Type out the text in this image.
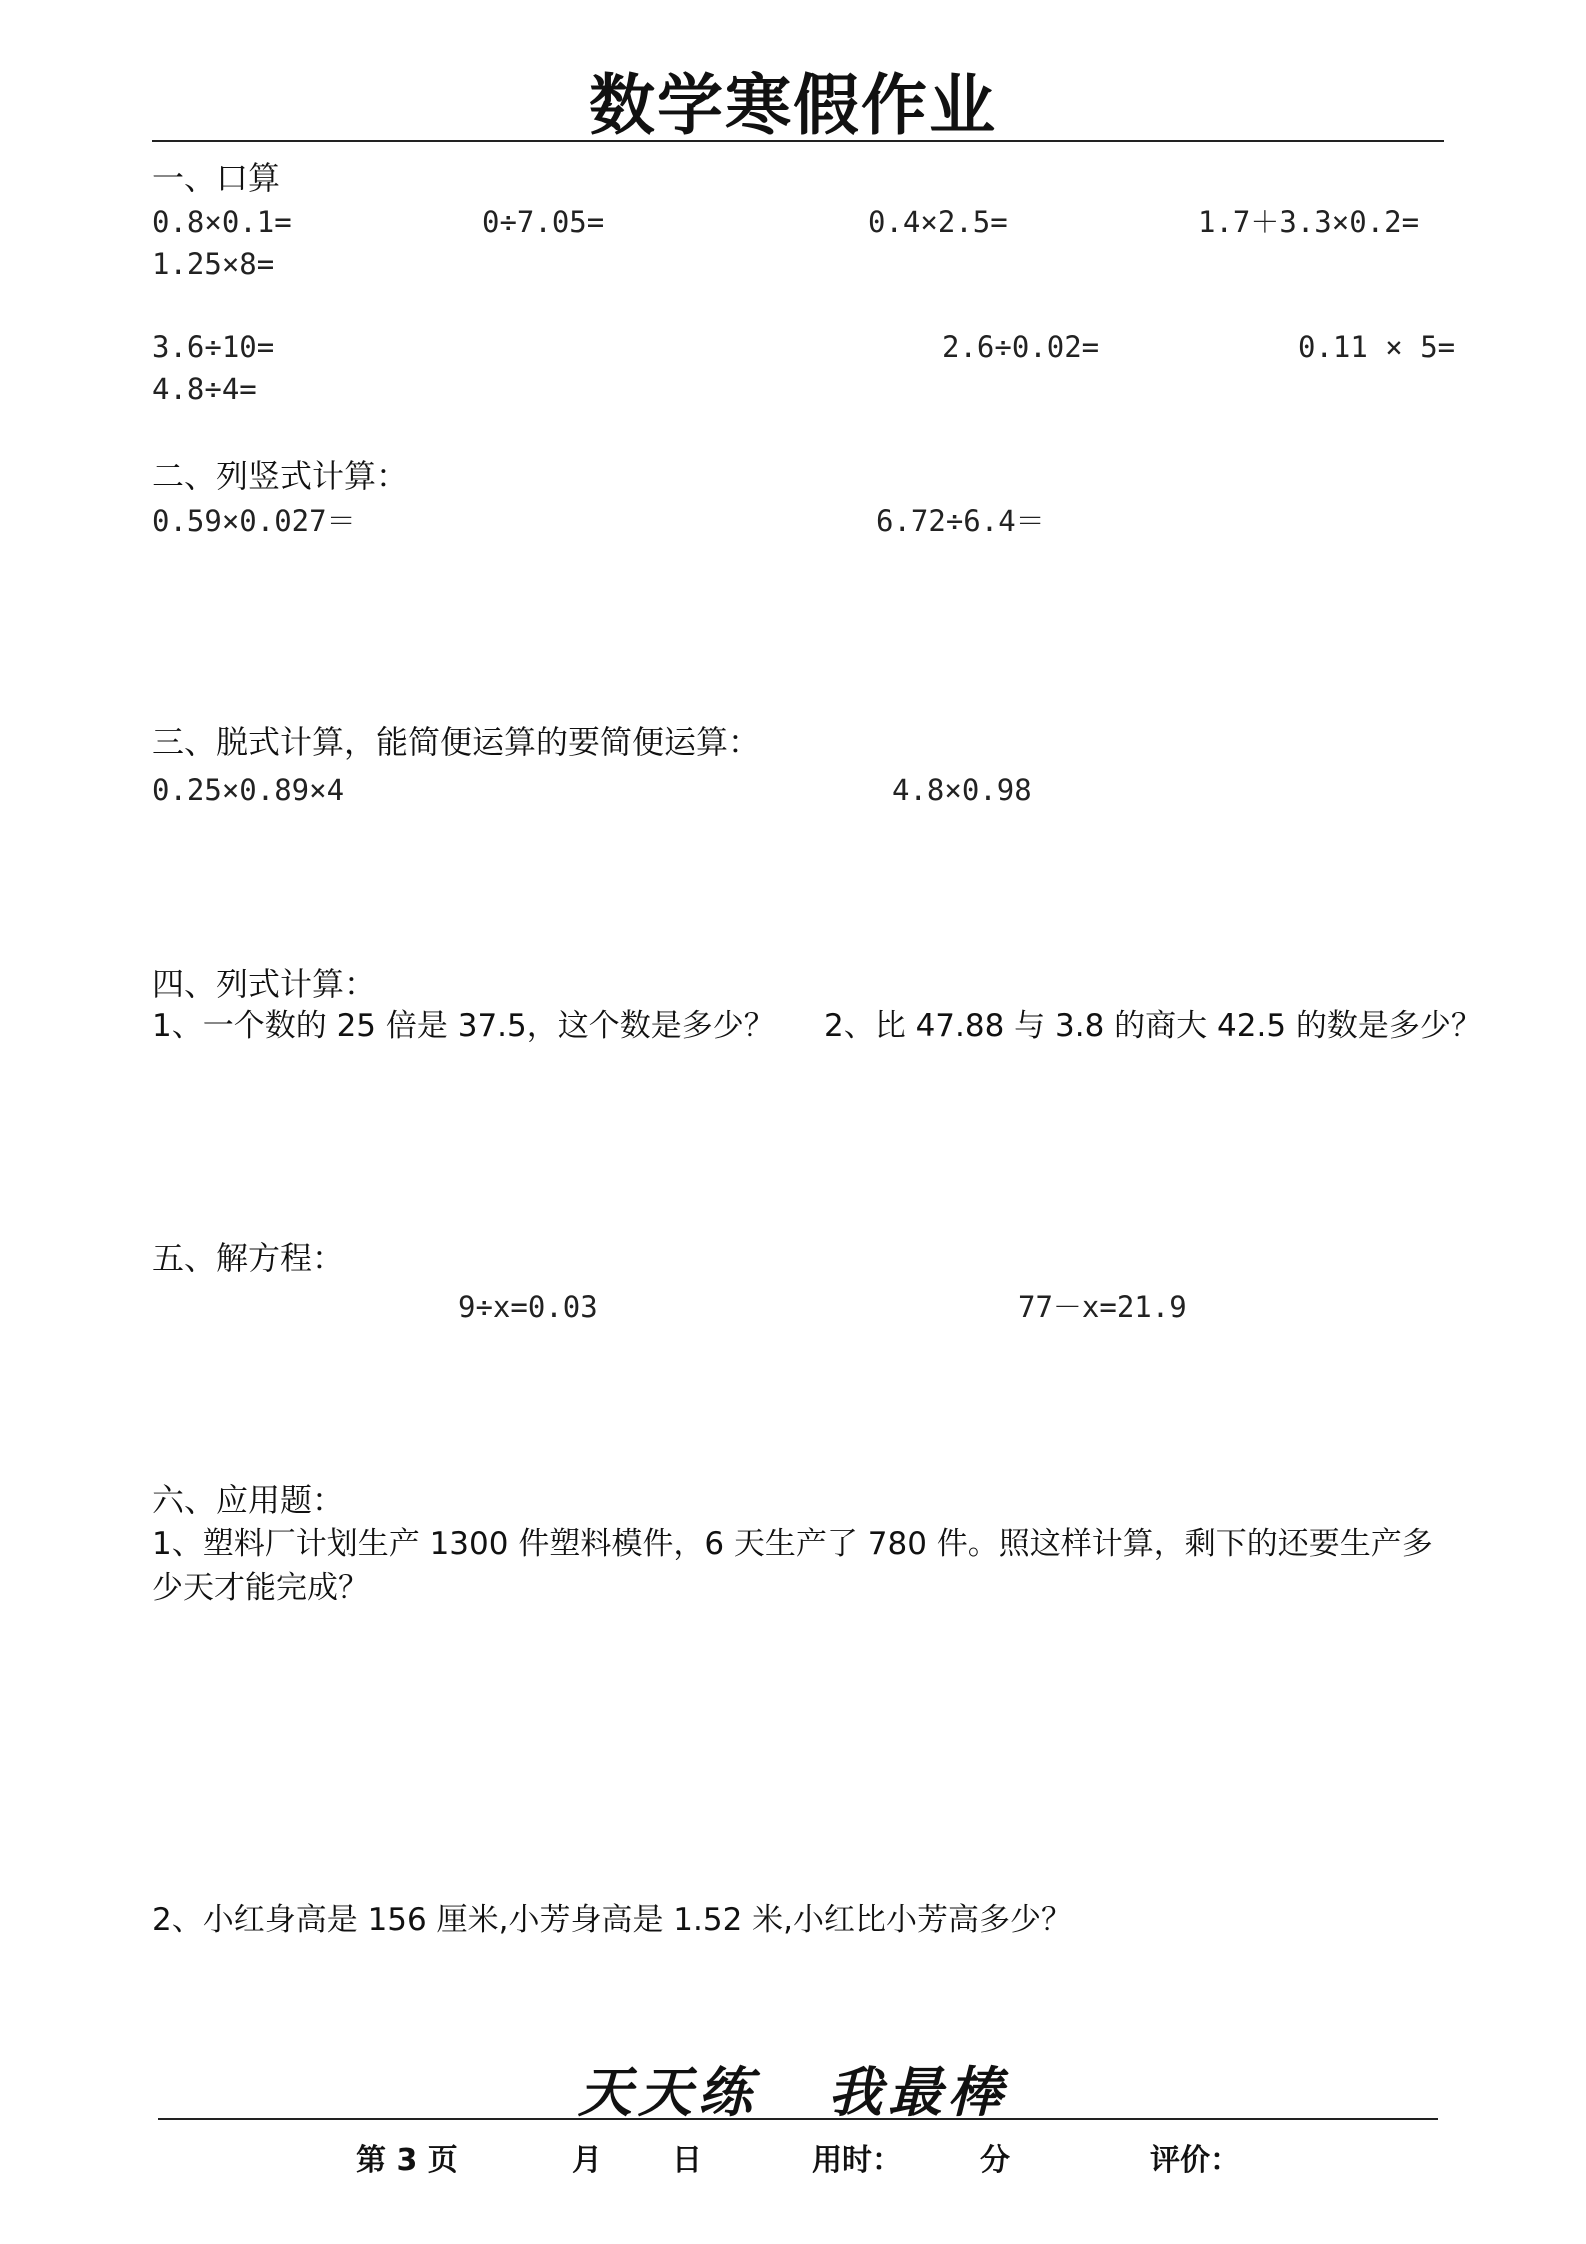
数学寒假作业
一、口算
0.8×0.1=	0÷7.05=	0.4×2.5=	1.7＋3.3×0.2=
1.25×8=
3.6÷10=	2.6÷0.02=	0.11 × 5=
4.8÷4=
二、列竖式计算：
0.59×0.027＝	6.72÷6.4＝
三、脱式计算，能简便运算的要简便运算：
0.25×0.89×4	4.8×0.98
四、列式计算：
1、一个数的 25 倍是 37.5，这个数是多少？ 2、比 47.88 与 3.8 的商大 42.5 的数是多少？
五、解方程：
9÷x=0.03	77－x=21.9
六、应用题：
1、塑料厂计划生产 1300 件塑料模件，6 天生产了 780 件。照这样计算，剩下的还要生产多
少天才能完成？
2、小红身高是 156 厘米,小芳身高是 1.52 米,小红比小芳高多少？
天天练 我最棒
第 3 页	月 日	用时：	分	评价：
